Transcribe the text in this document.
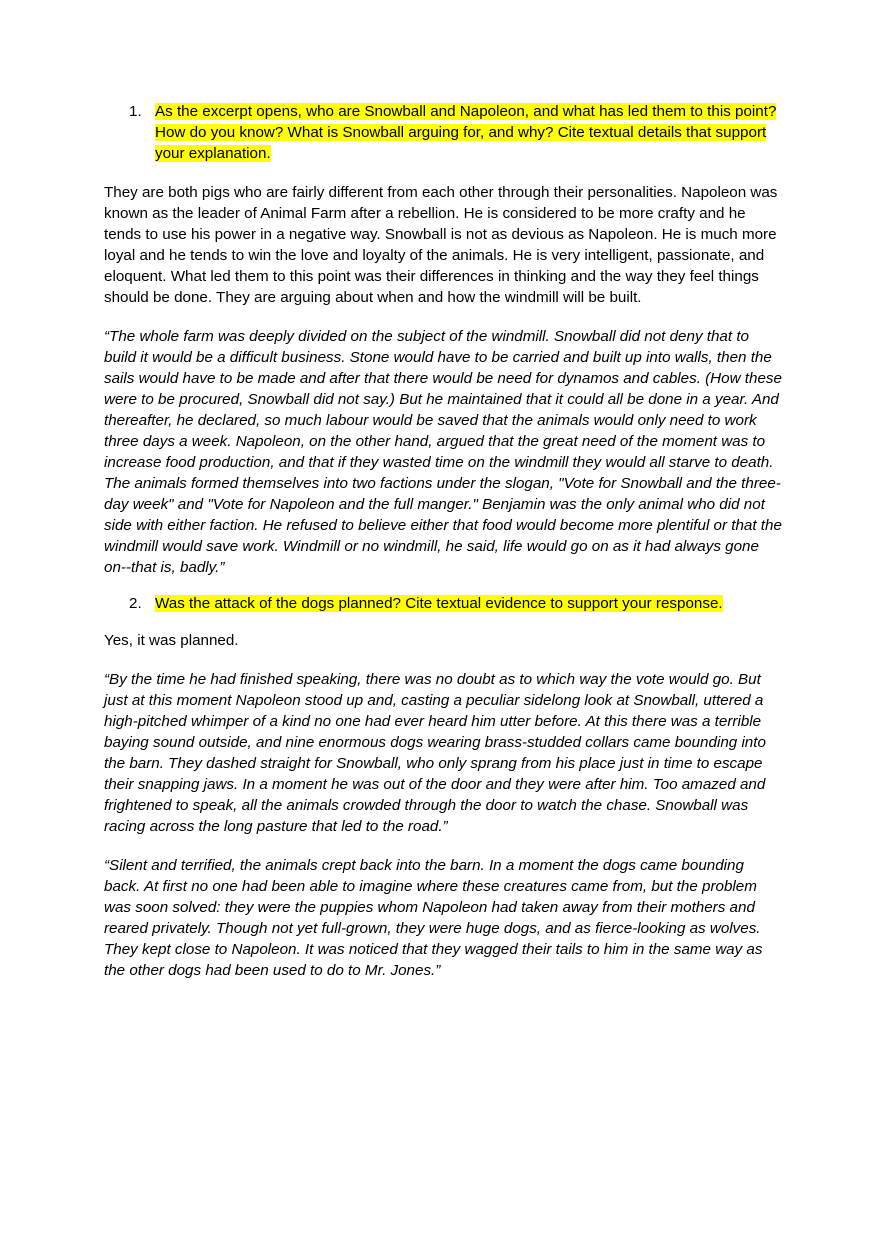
1. As the excerpt opens, who are Snowball and Napoleon, and what has led them to this point? How do you know? What is Snowball arguing for, and why? Cite textual details that support your explanation.

They are both pigs who are fairly different from each other through their personalities. Napoleon was known as the leader of Animal Farm after a rebellion. He is considered to be more crafty and he tends to use his power in a negative way. Snowball is not as devious as Napoleon. He is much more loyal and he tends to win the love and loyalty of the animals. He is very intelligent, passionate, and eloquent. What led them to this point was their differences in thinking and the way they feel things should be done. They are arguing about when and how the windmill will be built.

“The whole farm was deeply divided on the subject of the windmill. Snowball did not deny that to build it would be a difficult business. Stone would have to be carried and built up into walls, then the sails would have to be made and after that there would be need for dynamos and cables. (How these were to be procured, Snowball did not say.) But he maintained that it could all be done in a year. And thereafter, he declared, so much labour would be saved that the animals would only need to work three days a week. Napoleon, on the other hand, argued that the great need of the moment was to increase food production, and that if they wasted time on the windmill they would all starve to death. The animals formed themselves into two factions under the slogan, "Vote for Snowball and the three-day week" and "Vote for Napoleon and the full manger." Benjamin was the only animal who did not side with either faction. He refused to believe either that food would become more plentiful or that the windmill would save work. Windmill or no windmill, he said, life would go on as it had always gone on--that is, badly.”

2. Was the attack of the dogs planned? Cite textual evidence to support your response.

Yes, it was planned.

“By the time he had finished speaking, there was no doubt as to which way the vote would go. But just at this moment Napoleon stood up and, casting a peculiar sidelong look at Snowball, uttered a high-pitched whimper of a kind no one had ever heard him utter before. At this there was a terrible baying sound outside, and nine enormous dogs wearing brass-studded collars came bounding into the barn. They dashed straight for Snowball, who only sprang from his place just in time to escape their snapping jaws. In a moment he was out of the door and they were after him. Too amazed and frightened to speak, all the animals crowded through the door to watch the chase. Snowball was racing across the long pasture that led to the road.”

“Silent and terrified, the animals crept back into the barn. In a moment the dogs came bounding back. At first no one had been able to imagine where these creatures came from, but the problem was soon solved: they were the puppies whom Napoleon had taken away from their mothers and reared privately. Though not yet full-grown, they were huge dogs, and as fierce-looking as wolves. They kept close to Napoleon. It was noticed that they wagged their tails to him in the same way as the other dogs had been used to do to Mr. Jones.”
